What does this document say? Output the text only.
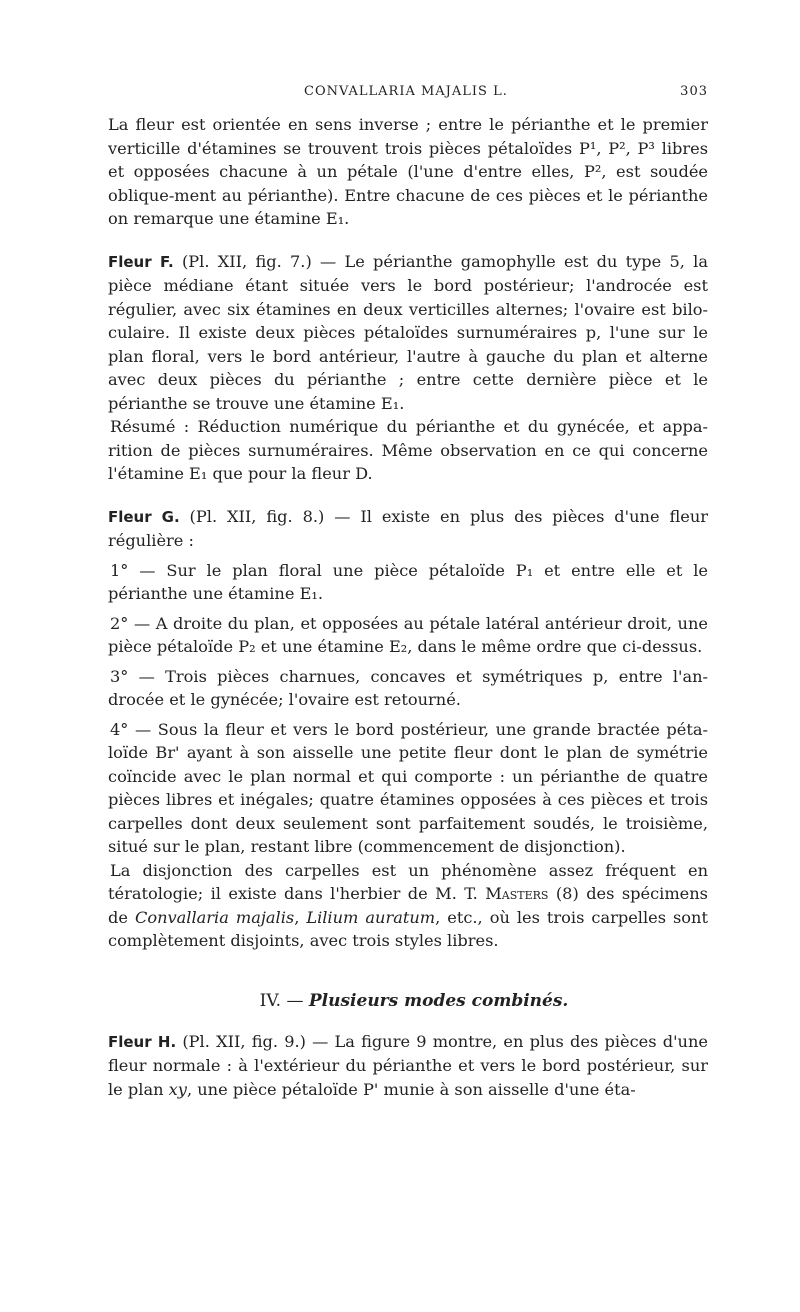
CONVALLARIA MAJALIS L.	303

La fleur est orientée en sens inverse ; entre le périanthe et le premier verticille d'étamines se trouvent trois pièces pétaloïdes P¹, P², P³ libres et opposées chacune à un pétale (l'une d'entre elles, P², est soudée oblique-ment au périanthe). Entre chacune de ces pièces et le périanthe on remarque une étamine E₁.

Fleur F. (Pl. XII, fig. 7.) — Le périanthe gamophylle est du type 5, la pièce médiane étant située vers le bord postérieur; l'androcée est régulier, avec six étamines en deux verticilles alternes; l'ovaire est bilo-culaire. Il existe deux pièces pétaloïdes surnuméraires p, l'une sur le plan floral, vers le bord antérieur, l'autre à gauche du plan et alterne avec deux pièces du périanthe ; entre cette dernière pièce et le périanthe se trouve une étamine E₁.

Résumé : Réduction numérique du périanthe et du gynécée, et appa-rition de pièces surnuméraires. Même observation en ce qui concerne l'étamine E₁ que pour la fleur D.

Fleur G. (Pl. XII, fig. 8.) — Il existe en plus des pièces d'une fleur régulière :

1° — Sur le plan floral une pièce pétaloïde P₁ et entre elle et le périanthe une étamine E₁.

2° — A droite du plan, et opposées au pétale latéral antérieur droit, une pièce pétaloïde P₂ et une étamine E₂, dans le même ordre que ci-dessus.

3° — Trois pièces charnues, concaves et symétriques p, entre l'an-drocée et le gynécée; l'ovaire est retourné.

4° — Sous la fleur et vers le bord postérieur, une grande bractée péta-loïde Br' ayant à son aisselle une petite fleur dont le plan de symétrie coïncide avec le plan normal et qui comporte : un périanthe de quatre pièces libres et inégales; quatre étamines opposées à ces pièces et trois carpelles dont deux seulement sont parfaitement soudés, le troisième, situé sur le plan, restant libre (commencement de disjonction).

La disjonction des carpelles est un phénomène assez fréquent en tératologie; il existe dans l'herbier de M. T. Masters (8) des spécimens de Convallaria majalis, Lilium auratum, etc., où les trois carpelles sont complètement disjoints, avec trois styles libres.

IV. — Plusieurs modes combinés.

Fleur H. (Pl. XII, fig. 9.) — La figure 9 montre, en plus des pièces d'une fleur normale : à l'extérieur du périanthe et vers le bord postérieur, sur le plan xy, une pièce pétaloïde P' munie à son aisselle d'une éta-
